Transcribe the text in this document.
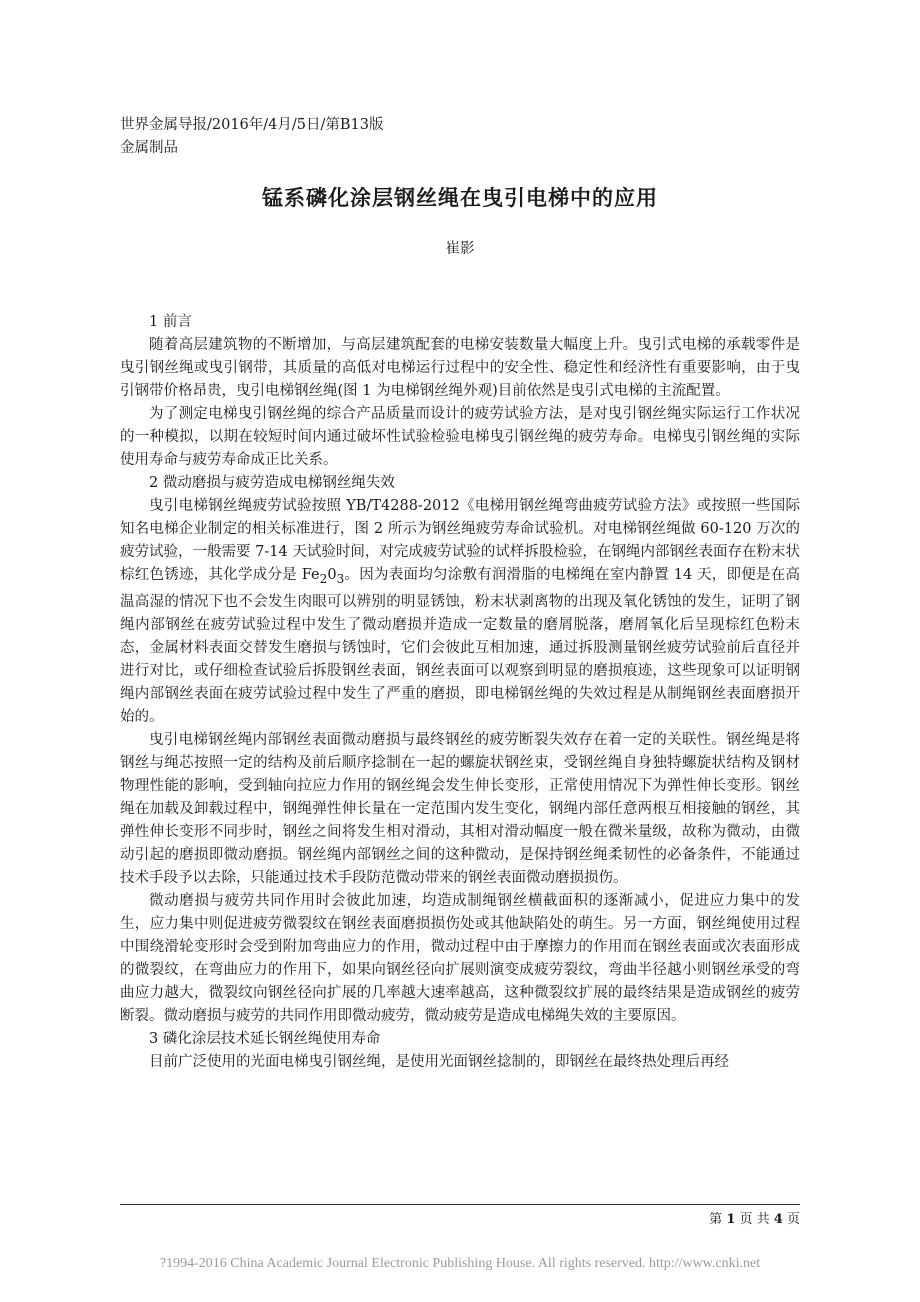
世界金属导报/2016年/4月/5日/第B13版
金属制品
锰系磷化涂层钢丝绳在曳引电梯中的应用
崔影

1 前言

随着高层建筑物的不断增加，与高层建筑配套的电梯安装数量大幅度上升。曳引式电梯的承载零件是曳引钢丝绳或曳引钢带，其质量的高低对电梯运行过程中的安全性、稳定性和经济性有重要影响，由于曳引钢带价格昂贵，曳引电梯钢丝绳(图 1 为电梯钢丝绳外观)目前依然是曳引式电梯的主流配置。

为了测定电梯曳引钢丝绳的综合产品质量而设计的疲劳试验方法，是对曳引钢丝绳实际运行工作状况的一种模拟，以期在较短时间内通过破坏性试验检验电梯曳引钢丝绳的疲劳寿命。电梯曳引钢丝绳的实际使用寿命与疲劳寿命成正比关系。

2 微动磨损与疲劳造成电梯钢丝绳失效

曳引电梯钢丝绳疲劳试验按照 YB/T4288-2012《电梯用钢丝绳弯曲疲劳试验方法》或按照一些国际知名电梯企业制定的相关标准进行，图 2 所示为钢丝绳疲劳寿命试验机。对电梯钢丝绳做 60-120 万次的疲劳试验，一般需要 7-14 天试验时间，对完成疲劳试验的试样拆股检验，在钢绳内部钢丝表面存在粉末状棕红色锈迹，其化学成分是 $Fe_20_3$。因为表面均匀涂敷有润滑脂的电梯绳在室内静置 14 天，即便是在高温高湿的情况下也不会发生肉眼可以辨别的明显锈蚀，粉末状剥离物的出现及氧化锈蚀的发生，证明了钢绳内部钢丝在疲劳试验过程中发生了微动磨损并造成一定数量的磨屑脱落，磨屑氧化后呈现棕红色粉末态，金属材料表面交替发生磨损与锈蚀时，它们会彼此互相加速，通过拆股测量钢丝疲劳试验前后直径并进行对比，或仔细检查试验后拆股钢丝表面，钢丝表面可以观察到明显的磨损痕迹，这些现象可以证明钢绳内部钢丝表面在疲劳试验过程中发生了严重的磨损，即电梯钢丝绳的失效过程是从制绳钢丝表面磨损开始的。

曳引电梯钢丝绳内部钢丝表面微动磨损与最终钢丝的疲劳断裂失效存在着一定的关联性。钢丝绳是将钢丝与绳芯按照一定的结构及前后顺序捻制在一起的螺旋状钢丝束，受钢丝绳自身独特螺旋状结构及钢材物理性能的影响，受到轴向拉应力作用的钢丝绳会发生伸长变形，正常使用情况下为弹性伸长变形。钢丝绳在加载及卸载过程中，钢绳弹性伸长量在一定范围内发生变化，钢绳内部任意两根互相接触的钢丝，其弹性伸长变形不同步时，钢丝之间将发生相对滑动，其相对滑动幅度一般在微米量级，故称为微动，由微动引起的磨损即微动磨损。钢丝绳内部钢丝之间的这种微动，是保持钢丝绳柔韧性的必备条件，不能通过技术手段予以去除，只能通过技术手段防范微动带来的钢丝表面微动磨损损伤。

微动磨损与疲劳共同作用时会彼此加速，均造成制绳钢丝横截面积的逐渐减小，促进应力集中的发生，应力集中则促进疲劳微裂纹在钢丝表面磨损损伤处或其他缺陷处的萌生。另一方面，钢丝绳使用过程中围绕滑轮变形时会受到附加弯曲应力的作用，微动过程中由于摩擦力的作用而在钢丝表面或次表面形成的微裂纹，在弯曲应力的作用下，如果向钢丝径向扩展则演变成疲劳裂纹，弯曲半径越小则钢丝承受的弯曲应力越大，微裂纹向钢丝径向扩展的几率越大速率越高，这种微裂纹扩展的最终结果是造成钢丝的疲劳断裂。微动磨损与疲劳的共同作用即微动疲劳，微动疲劳是造成电梯绳失效的主要原因。

3 磷化涂层技术延长钢丝绳使用寿命

目前广泛使用的光面电梯曳引钢丝绳，是使用光面钢丝捻制的，即钢丝在最终热处理后再经

第 1 页 共 4 页
?1994-2016 China Academic Journal Electronic Publishing House. All rights reserved. http://www.cnki.net
